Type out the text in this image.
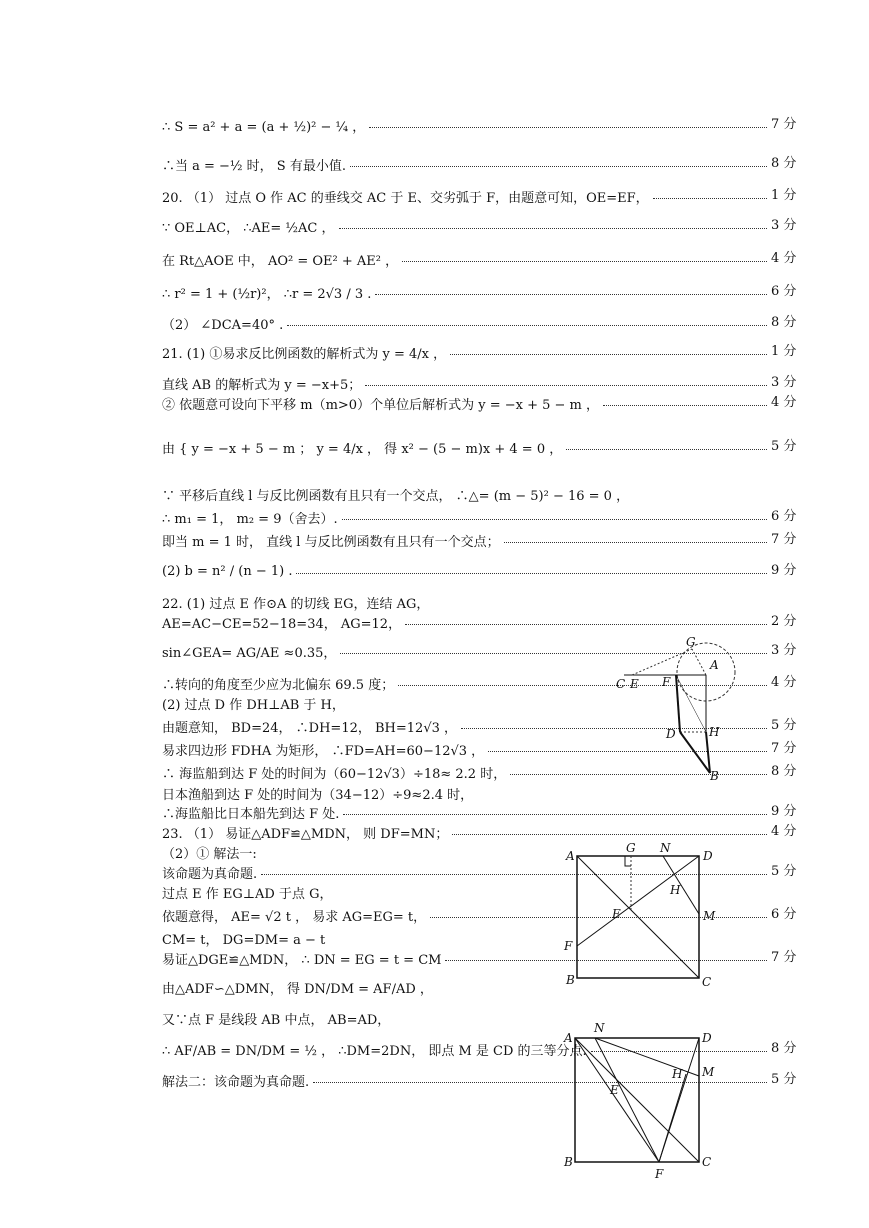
∴ S = a² + a = (a + ½)² − ¼ ，	7 分
∴当 a = −½ 时， S 有最小值.	8 分
20. （1） 过点 O 作 AC 的垂线交 AC 于 E、交劣弧于 F，由题意可知，OE=EF，	1 分
∵ OE⊥AC， ∴AE= ½AC ，	3 分
在 Rt△AOE 中， AO² = OE² + AE² ，	4 分
∴ r² = 1 + (½r)²， ∴r = 2√3 / 3 .	6 分
（2） ∠DCA=40° .	8 分
21. (1) ①易求反比例函数的解析式为 y = 4/x ，	1 分
直线 AB 的解析式为 y = −x+5；	3 分
② 依题意可设向下平移 m（m>0）个单位后解析式为 y = −x + 5 − m ，	4 分
由 { y = −x + 5 − m ； y = 4/x ， 得 x² − (5 − m)x + 4 = 0 ，	5 分
∵ 平移后直线 l 与反比例函数有且只有一个交点， ∴△= (m − 5)² − 16 = 0 ，
∴ m₁ = 1， m₂ = 9（舍去）.	6 分
即当 m = 1 时， 直线 l 与反比例函数有且只有一个交点；	7 分
(2) b = n² / (n − 1) .	9 分
22. (1) 过点 E 作⊙A 的切线 EG，连结 AG，
AE=AC−CE=52−18=34， AG=12，	2 分
sin∠GEA= AG/AE ≈0.35，	3 分
∴转向的角度至少应为北偏东 69.5 度；	4 分
(2) 过点 D 作 DH⊥AB 于 H，
由题意知， BD=24， ∴DH=12， BH=12√3 ，	5 分
易求四边形 FDHA 为矩形， ∴FD=AH=60−12√3 ，	7 分
∴ 海监船到达 F 处的时间为（60−12√3）÷18≈ 2.2 时，	8 分
日本渔船到达 F 处的时间为（34−12）÷9≈2.4 时，
∴海监船比日本船先到达 F 处.	9 分
23. （1） 易证△ADF≌△MDN， 则 DF=MN；	4 分
（2）① 解法一:
该命题为真命题.	5 分
过点 E 作 EG⊥AD 于点 G，
依题意得， AE= √2 t ， 易求 AG=EG= t，	6 分
CM= t， DG=DM= a − t
易证△DGE≌△MDN， ∴ DN = EG = t = CM	7 分
由△ADF∽△DMN， 得 DN/DM = AF/AD ，
又∵点 F 是线段 AB 中点， AB=AD，
∴ AF/AB = DN/DM = ½ ， ∴DM=2DN， 即点 M 是 CD 的三等分点.	8 分
解法二：该命题为真命题.	5 分
G
A
C E F
D	H
B
A
G N
D
H
E	M
F
B	C
A
N
D
H M
E
B
F
C
